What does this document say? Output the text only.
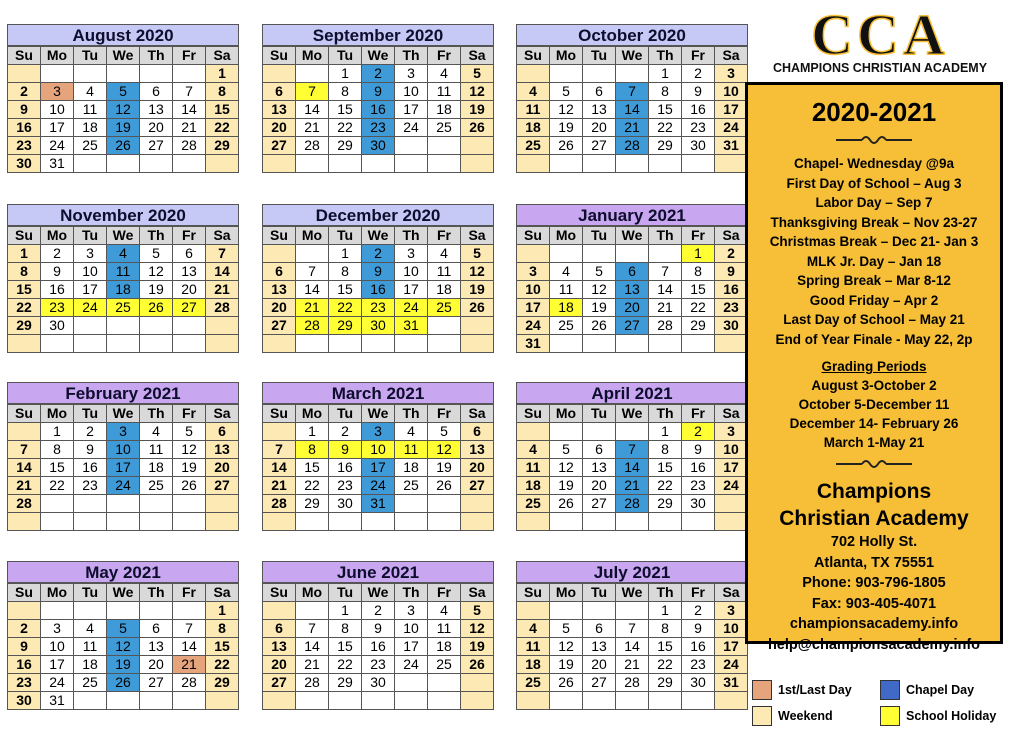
August 2020
Su	Mo	Tu	We	Th	Fr	Sa
						1
2	3	4	5	6	7	8
9	10	11	12	13	14	15
16	17	18	19	20	21	22
23	24	25	26	27	28	29
30	31					
September 2020
Su	Mo	Tu	We	Th	Fr	Sa
		1	2	3	4	5
6	7	8	9	10	11	12
13	14	15	16	17	18	19
20	21	22	23	24	25	26
27	28	29	30			

October 2020
Su	Mo	Tu	We	Th	Fr	Sa
				1	2	3
4	5	6	7	8	9	10
11	12	13	14	15	16	17
18	19	20	21	22	23	24
25	26	27	28	29	30	31

November 2020
Su	Mo	Tu	We	Th	Fr	Sa
1	2	3	4	5	6	7
8	9	10	11	12	13	14
15	16	17	18	19	20	21
22	23	24	25	26	27	28
29	30					

December 2020
Su	Mo	Tu	We	Th	Fr	Sa
		1	2	3	4	5
6	7	8	9	10	11	12
13	14	15	16	17	18	19
20	21	22	23	24	25	26
27	28	29	30	31		

January 2021
Su	Mo	Tu	We	Th	Fr	Sa
					1	2
3	4	5	6	7	8	9
10	11	12	13	14	15	16
17	18	19	20	21	22	23
24	25	26	27	28	29	30
31						
February 2021
Su	Mo	Tu	We	Th	Fr	Sa
	1	2	3	4	5	6
7	8	9	10	11	12	13
14	15	16	17	18	19	20
21	22	23	24	25	26	27
28						

March 2021
Su	Mo	Tu	We	Th	Fr	Sa
	1	2	3	4	5	6
7	8	9	10	11	12	13
14	15	16	17	18	19	20
21	22	23	24	25	26	27
28	29	30	31			

April 2021
Su	Mo	Tu	We	Th	Fr	Sa
				1	2	3
4	5	6	7	8	9	10
11	12	13	14	15	16	17
18	19	20	21	22	23	24
25	26	27	28	29	30	

May 2021
Su	Mo	Tu	We	Th	Fr	Sa
						1
2	3	4	5	6	7	8
9	10	11	12	13	14	15
16	17	18	19	20	21	22
23	24	25	26	27	28	29
30	31					
June 2021
Su	Mo	Tu	We	Th	Fr	Sa
		1	2	3	4	5
6	7	8	9	10	11	12
13	14	15	16	17	18	19
20	21	22	23	24	25	26
27	28	29	30			

July 2021
Su	Mo	Tu	We	Th	Fr	Sa
				1	2	3
4	5	6	7	8	9	10
11	12	13	14	15	16	17
18	19	20	21	22	23	24
25	26	27	28	29	30	31

CCA
CHAMPIONS CHRISTIAN ACADEMY
2020-2021
Chapel- Wednesday @9a
First Day of School – Aug 3
Labor Day – Sep 7
Thanksgiving Break – Nov 23-27
Christmas Break – Dec 21- Jan 3
MLK Jr. Day – Jan 18
Spring Break – Mar 8-12
Good Friday – Apr 2
Last Day of School – May 21
End of Year Finale - May 22, 2p
Grading Periods
August 3-October 2
October 5-December 11
December 14- February 26
March 1-May 21
Champions
Christian Academy
702 Holly St.
Atlanta, TX 75551
Phone: 903-796-1805
Fax: 903-405-4071
championsacademy.info
help@championsacademy.info
1st/Last Day	Chapel Day
Weekend	School Holiday
